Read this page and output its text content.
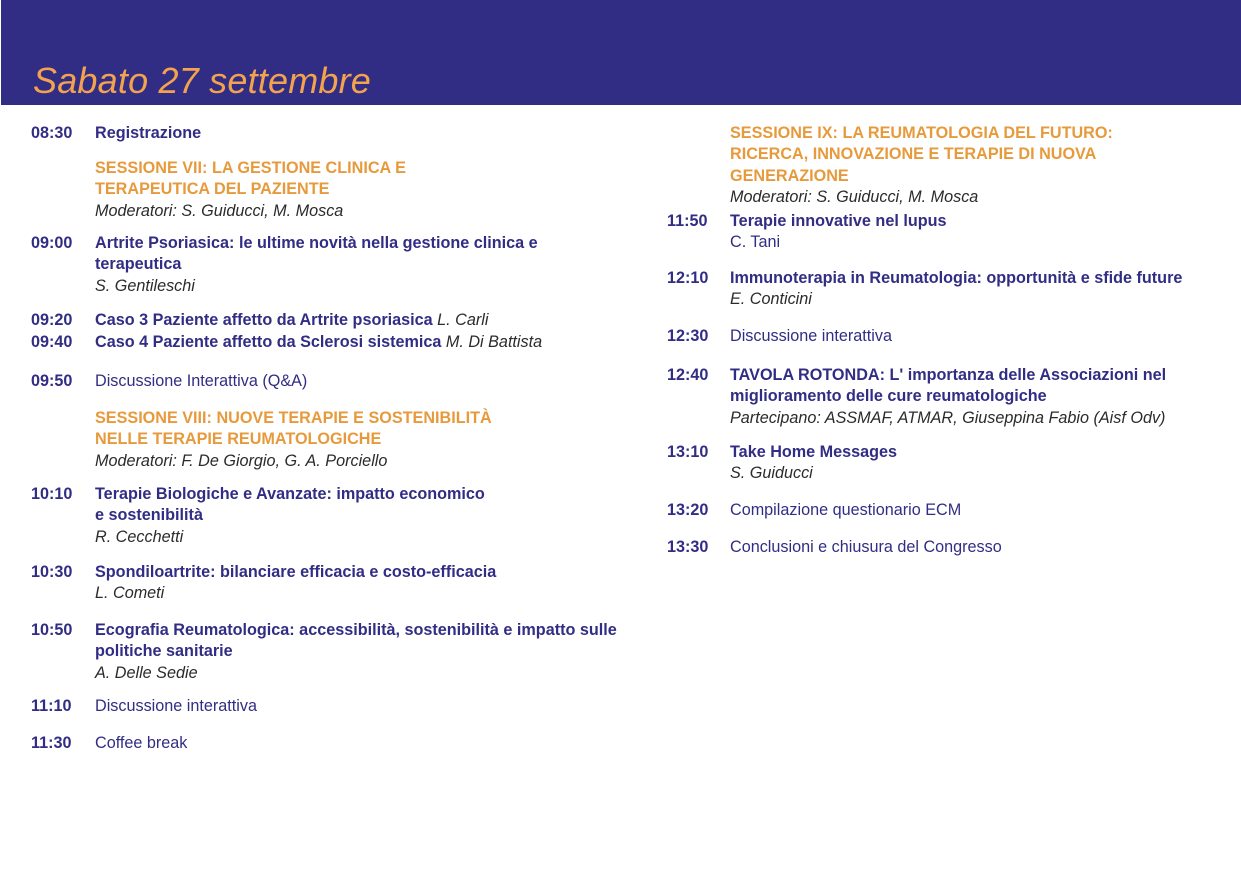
Sabato 27 settembre
08:30 Registrazione
SESSIONE VII: LA GESTIONE CLINICA E
TERAPEUTICA DEL PAZIENTE
Moderatori: S. Guiducci, M. Mosca
09:00 Artrite Psoriasica: le ultime novità nella gestione clinica e
terapeutica
S. Gentileschi
09:20 Caso 3 Paziente affetto da Artrite psoriasica L. Carli
09:40 Caso 4 Paziente affetto da Sclerosi sistemica M. Di Battista
09:50 Discussione Interattiva (Q&A)
SESSIONE VIII: NUOVE TERAPIE E SOSTENIBILITÀ
NELLE TERAPIE REUMATOLOGICHE
Moderatori: F. De Giorgio, G. A. Porciello
10:10 Terapie Biologiche e Avanzate: impatto economico
e sostenibilità
R. Cecchetti
10:30 Spondiloartrite: bilanciare efficacia e costo-efficacia
L. Cometi
10:50 Ecografia Reumatologica: accessibilità, sostenibilità e impatto sulle
politiche sanitarie
A. Delle Sedie
11:10 Discussione interattiva
11:30 Coffee break
SESSIONE IX: LA REUMATOLOGIA DEL FUTURO:
RICERCA, INNOVAZIONE E TERAPIE DI NUOVA
GENERAZIONE
Moderatori: S. Guiducci, M. Mosca
11:50 Terapie innovative nel lupus
C. Tani
12:10 Immunoterapia in Reumatologia: opportunità e sfide future
E. Conticini
12:30 Discussione interattiva
12:40 TAVOLA ROTONDA: L' importanza delle Associazioni nel
miglioramento delle cure reumatologiche
Partecipano: ASSMAF, ATMAR, Giuseppina Fabio (Aisf Odv)
13:10 Take Home Messages
S. Guiducci
13:20 Compilazione questionario ECM
13:30 Conclusioni e chiusura del Congresso
